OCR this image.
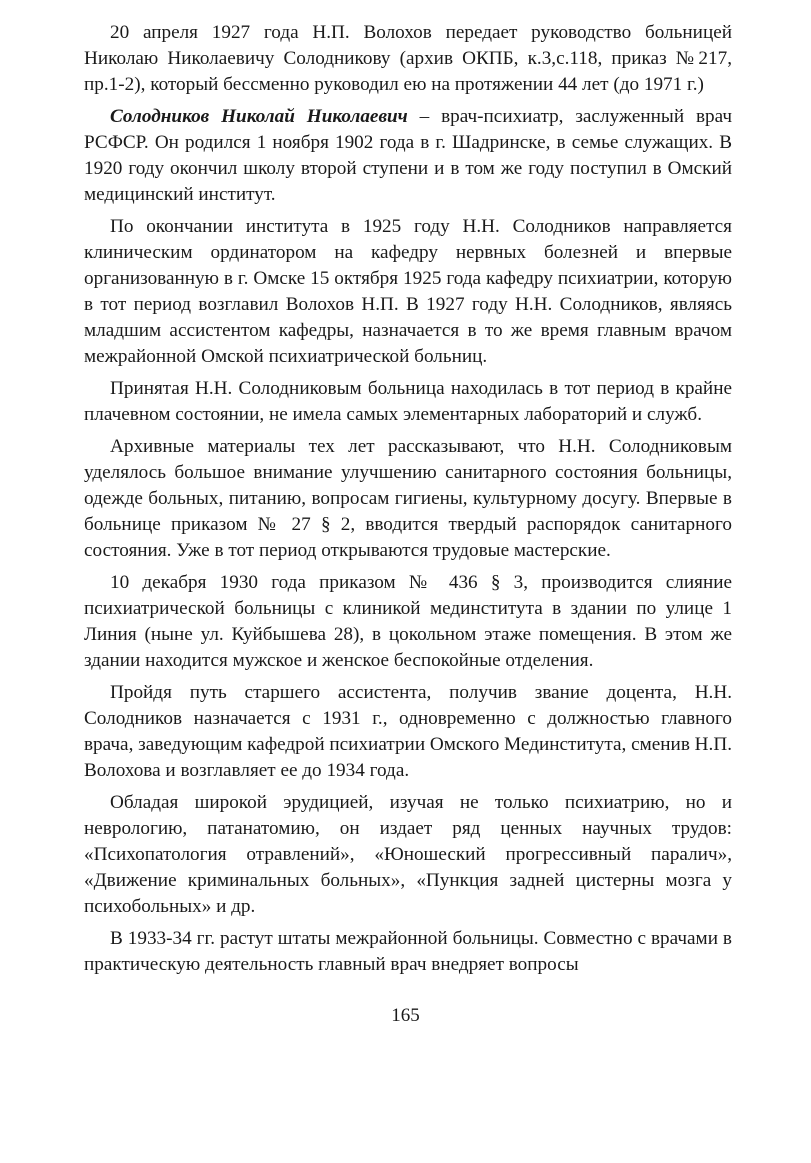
20 апреля 1927 года Н.П. Волохов передает руководство больницей Николаю Николаевичу Солодникову (архив ОКПБ, к.3,с.118, приказ №217, пр.1-2), который бессменно руководил ею на протяжении 44 лет (до 1971 г.)

Солодников Николай Николаевич – врач-психиатр, заслуженный врач РСФСР. Он родился 1 ноября 1902 года в г. Шадринске, в семье служащих. В 1920 году окончил школу второй ступени и в том же году поступил в Омский медицинский институт.

По окончании института в 1925 году Н.Н. Солодников направляется клиническим ординатором на кафедру нервных болезней и впервые организованную в г. Омске 15 октября 1925 года кафедру психиатрии, которую в тот период возглавил Волохов Н.П. В 1927 году Н.Н. Солодников, являясь младшим ассистентом кафедры, назначается в то же время главным врачом межрайонной Омской психиатрической больниц.

Принятая Н.Н. Солодниковым больница находилась в тот период в крайне плачевном состоянии, не имела самых элементарных лабораторий и служб.

Архивные материалы тех лет рассказывают, что Н.Н. Солодниковым уделялось большое внимание улучшению санитарного состояния больницы, одежде больных, питанию, вопросам гигиены, культурному досугу. Впервые в больнице приказом № 27 § 2, вводится твердый распорядок санитарного состояния. Уже в тот период открываются трудовые мастерские.

10 декабря 1930 года приказом № 436 § 3, производится слияние психиатрической больницы с клиникой мединститута в здании по улице 1 Линия (ныне ул. Куйбышева 28), в цокольном этаже помещения. В этом же здании находится мужское и женское беспокойные отделения.

Пройдя путь старшего ассистента, получив звание доцента, Н.Н. Солодников назначается с 1931 г., одновременно с должностью главного врача, заведующим кафедрой психиатрии Омского Мединститута, сменив Н.П. Волохова и возглавляет ее до 1934 года.

Обладая широкой эрудицией, изучая не только психиатрию, но и неврологию, патанатомию, он издает ряд ценных научных трудов: «Психопатология отравлений», «Юношеский прогрессивный паралич», «Движение криминальных больных», «Пункция задней цистерны мозга у психобольных» и др.

В 1933-34 гг. растут штаты межрайонной больницы. Совместно с врачами в практическую деятельность главный врач внедряет вопросы

165
